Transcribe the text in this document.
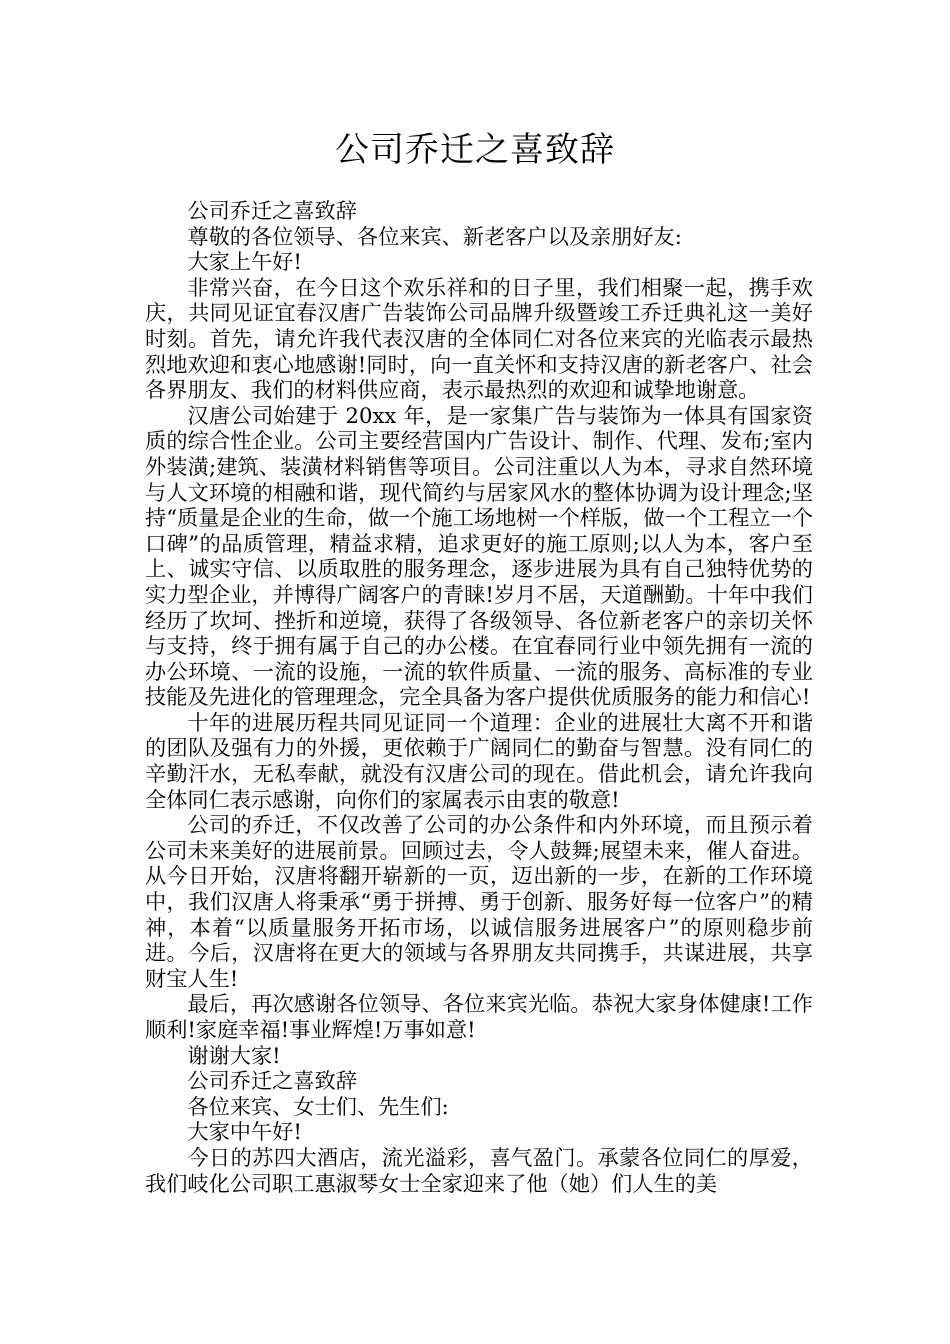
公司乔迁之喜致辞

公司乔迁之喜致辞

尊敬的各位领导、各位来宾、新老客户以及亲朋好友:

大家上午好!

非常兴奋，在今日这个欢乐祥和的日子里，我们相聚一起，携手欢庆，共同见证宜春汉唐广告装饰公司品牌升级暨竣工乔迁典礼这一美好时刻。首先，请允许我代表汉唐的全体同仁对各位来宾的光临表示最热烈地欢迎和衷心地感谢!同时，向一直关怀和支持汉唐的新老客户、社会各界朋友、我们的材料供应商，表示最热烈的欢迎和诚挚地谢意。

汉唐公司始建于 20xx 年，是一家集广告与装饰为一体具有国家资质的综合性企业。公司主要经营国内广告设计、制作、代理、发布;室内外装潢;建筑、装潢材料销售等项目。公司注重以人为本，寻求自然环境与人文环境的相融和谐，现代简约与居家风水的整体协调为设计理念;坚持“质量是企业的生命，做一个施工场地树一个样版，做一个工程立一个口碑”的品质管理，精益求精，追求更好的施工原则;以人为本，客户至上、诚实守信、以质取胜的服务理念，逐步进展为具有自己独特优势的实力型企业，并博得广阔客户的青睐!岁月不居，天道酬勤。十年中我们经历了坎坷、挫折和逆境，获得了各级领导、各位新老客户的亲切关怀与支持，终于拥有属于自己的办公楼。在宜春同行业中领先拥有一流的办公环境、一流的设施，一流的软件质量、一流的服务、高标准的专业技能及先进化的管理理念，完全具备为客户提供优质服务的能力和信心!

十年的进展历程共同见证同一个道理：企业的进展壮大离不开和谐的团队及强有力的外援，更依赖于广阔同仁的勤奋与智慧。没有同仁的辛勤汗水，无私奉献，就没有汉唐公司的现在。借此机会，请允许我向全体同仁表示感谢，向你们的家属表示由衷的敬意!

公司的乔迁，不仅改善了公司的办公条件和内外环境，而且预示着公司未来美好的进展前景。回顾过去，令人鼓舞;展望未来，催人奋进。从今日开始，汉唐将翻开崭新的一页，迈出新的一步，在新的工作环境中，我们汉唐人将秉承“勇于拼搏、勇于创新、服务好每一位客户”的精神，本着“以质量服务开拓市场，以诚信服务进展客户”的原则稳步前进。今后，汉唐将在更大的领域与各界朋友共同携手，共谋进展，共享财宝人生!

最后，再次感谢各位领导、各位来宾光临。恭祝大家身体健康!工作顺利!家庭幸福!事业辉煌!万事如意!

谢谢大家!

公司乔迁之喜致辞

各位来宾、女士们、先生们:

大家中午好!

今日的苏四大酒店，流光溢彩，喜气盈门。承蒙各位同仁的厚爱，我们岐化公司职工惠淑琴女士全家迎来了他（她）们人生的美
